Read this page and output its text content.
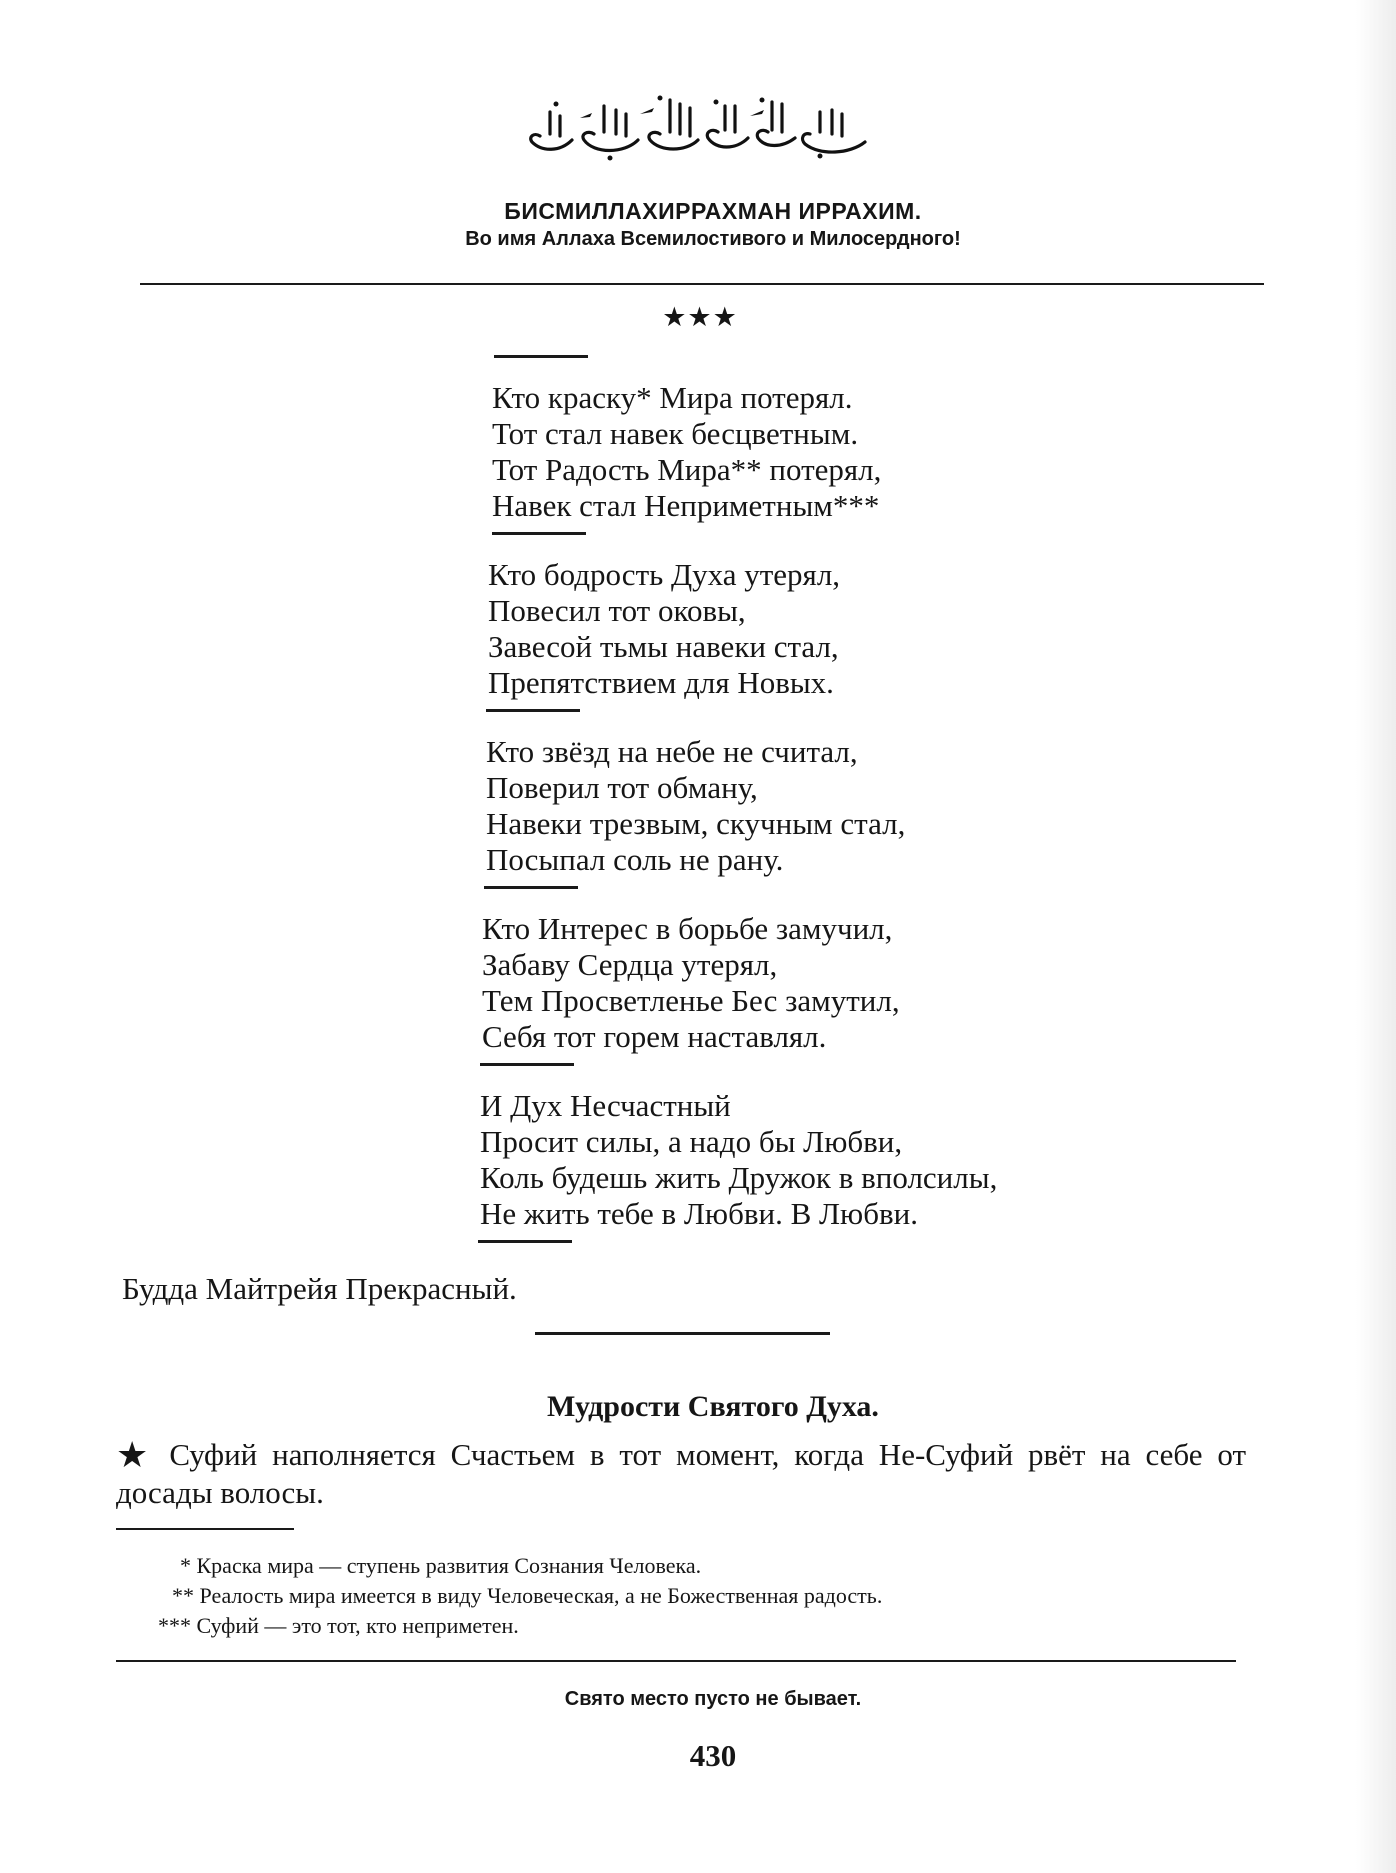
БИСМИЛЛАХИРРАХМАН ИРРАХИМ.
Во имя Аллаха Всемилостивого и Милосердного!
★★★
Кто краску* Мира потерял.
Тот стал навек бесцветным.
Тот Радость Мира** потерял,
Навек стал Неприметным***
Кто бодрость Духа утерял,
Повесил тот оковы,
Завесой тьмы навеки стал,
Препятствием для Новых.
Кто звёзд на небе не считал,
Поверил тот обману,
Навеки трезвым, скучным стал,
Посыпал соль не рану.
Кто Интерес в борьбе замучил,
Забаву Сердца утерял,
Тем Просветленье Бес замутил,
Себя тот горем наставлял.
И Дух Несчастный
Просит силы, а надо бы Любви,
Коль будешь жить Дружок в вполсилы,
Не жить тебе в Любви. В Любви.
Будда Майтрейя Прекрасный.
Мудрости Святого Духа.
★ Суфий наполняется Счастьем в тот момент, когда Не-Суфий рвёт на себе от досады волосы.
* Краска мира — ступень развития Сознания Человека.
** Реалость мира имеется в виду Человеческая, а не Божественная радость.
*** Суфий — это тот, кто неприметен.
Свято место пусто не бывает.
430
